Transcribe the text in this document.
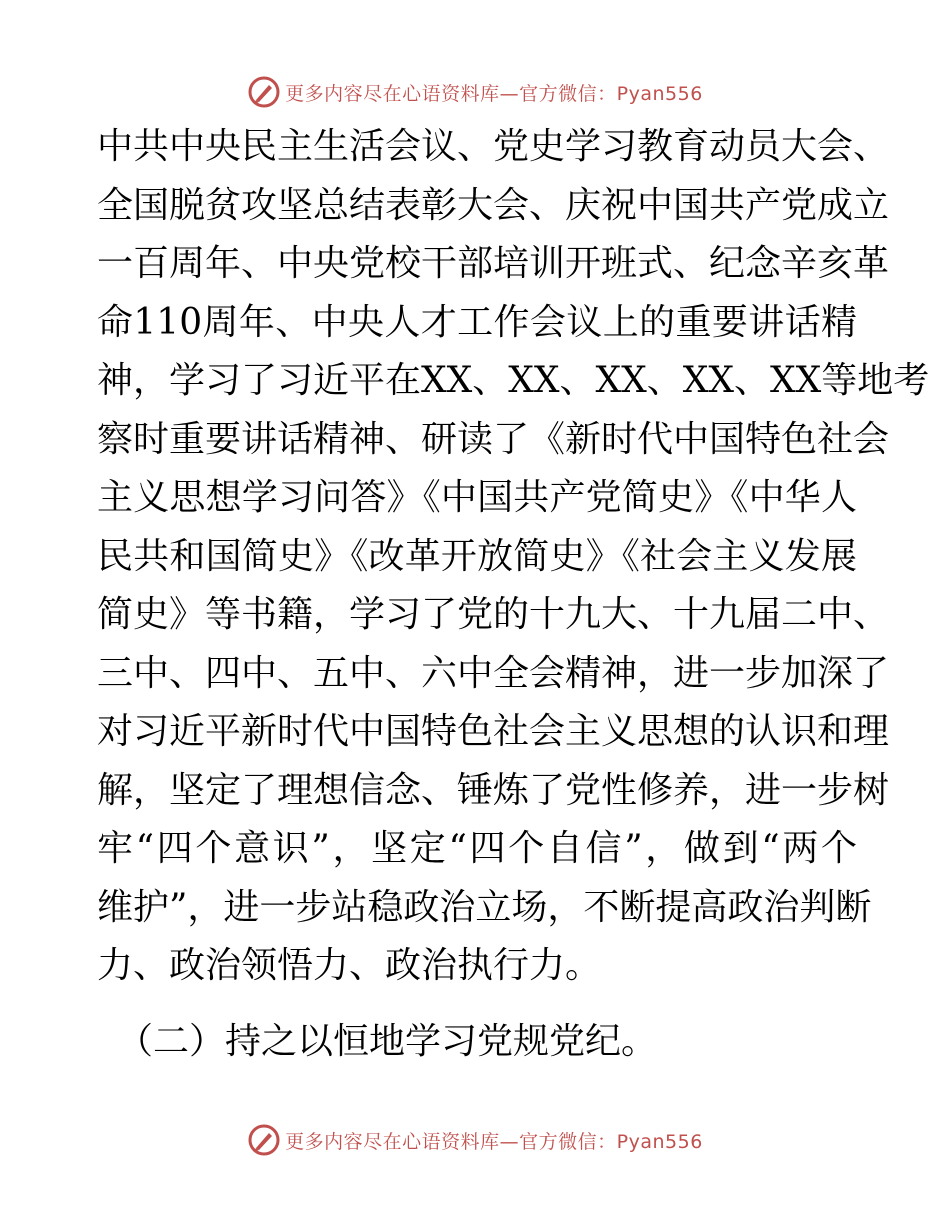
更多内容尽在心语资料库—官方微信：Pyan556
中共中央民主生活会议、党史学习教育动员大会、
全国脱贫攻坚总结表彰大会、庆祝中国共产党成立
一百周年、中央党校干部培训开班式、纪念辛亥革
命110周年、中央人才工作会议上的重要讲话精
神，学习了习近平在XX、XX、XX、XX、XX等地考
察时重要讲话精神、研读了《新时代中国特色社会
主义思想学习问答》《中国共产党简史》《中华人
民共和国简史》《改革开放简史》《社会主义发展
简史》等书籍，学习了党的十九大、十九届二中、
三中、四中、五中、六中全会精神，进一步加深了
对习近平新时代中国特色社会主义思想的认识和理
解，坚定了理想信念、锤炼了党性修养，进一步树
牢“四个意识”，坚定“四个自信”，做到“两个
维护”，进一步站稳政治立场，不断提高政治判断
力、政治领悟力、政治执行力。
（二）持之以恒地学习党规党纪。
更多内容尽在心语资料库—官方微信：Pyan556
